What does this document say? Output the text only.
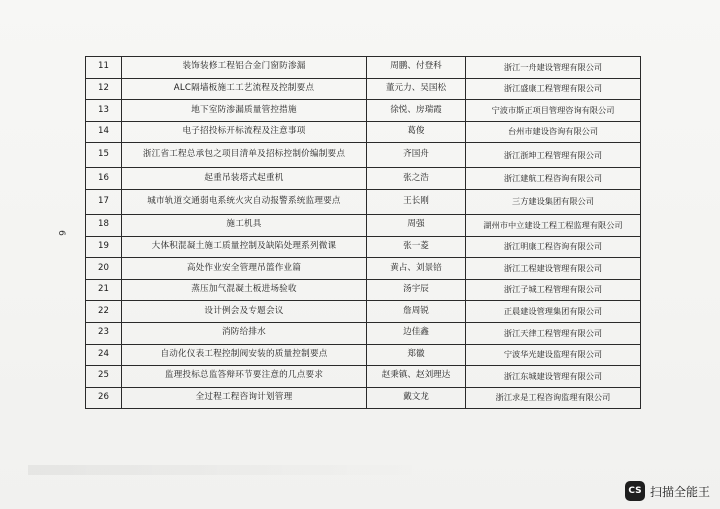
6
11	装饰装修工程铝合金门窗防渗漏	周鹏、付登科	浙江一舟建设管理有限公司
12	ALC隔墙板施工工艺流程及控制要点	董元力、吴国松	浙江盛康工程管理有限公司
13	地下室防渗漏质量管控措施	徐悦、房瑞霞	宁波市斯正项目管理咨询有限公司
14	电子招投标开标流程及注意事项	葛俊	台州市建设咨询有限公司
15	浙江省工程总承包之项目清单及招标控制价编制要点	齐国舟	浙江浙坤工程管理有限公司
16	起重吊装塔式起重机	张之浩	浙江建航工程咨询有限公司
17	城市轨道交通弱电系统火灾自动报警系统监理要点	王长刚	三方建设集团有限公司
18	施工机具	周强	湖州市中立建设工程工程监理有限公司
19	大体积混凝土施工质量控制及缺陷处理系列微课	张一菱	浙江明康工程咨询有限公司
20	高处作业安全管理吊篮作业篇	黄占、刘景锫	浙江工程建设管理有限公司
21	蒸压加气混凝土板进场验收	汤宇辰	浙江子城工程管理有限公司
22	设计例会及专题会议	詹周锐	正晨建设管理集团有限公司
23	消防给排水	边佳鑫	浙江天律工程管理有限公司
24	自动化仪表工程控制阀安装的质量控制要点	郑徽	宁波华光建设监理有限公司
25	监理投标总监答辩环节要注意的几点要求	赵秉镇、赵刘理达	浙江东城建设管理有限公司
26	全过程工程咨询计划管理	戴文龙	浙江求是工程咨询监理有限公司
CS 扫描全能王
